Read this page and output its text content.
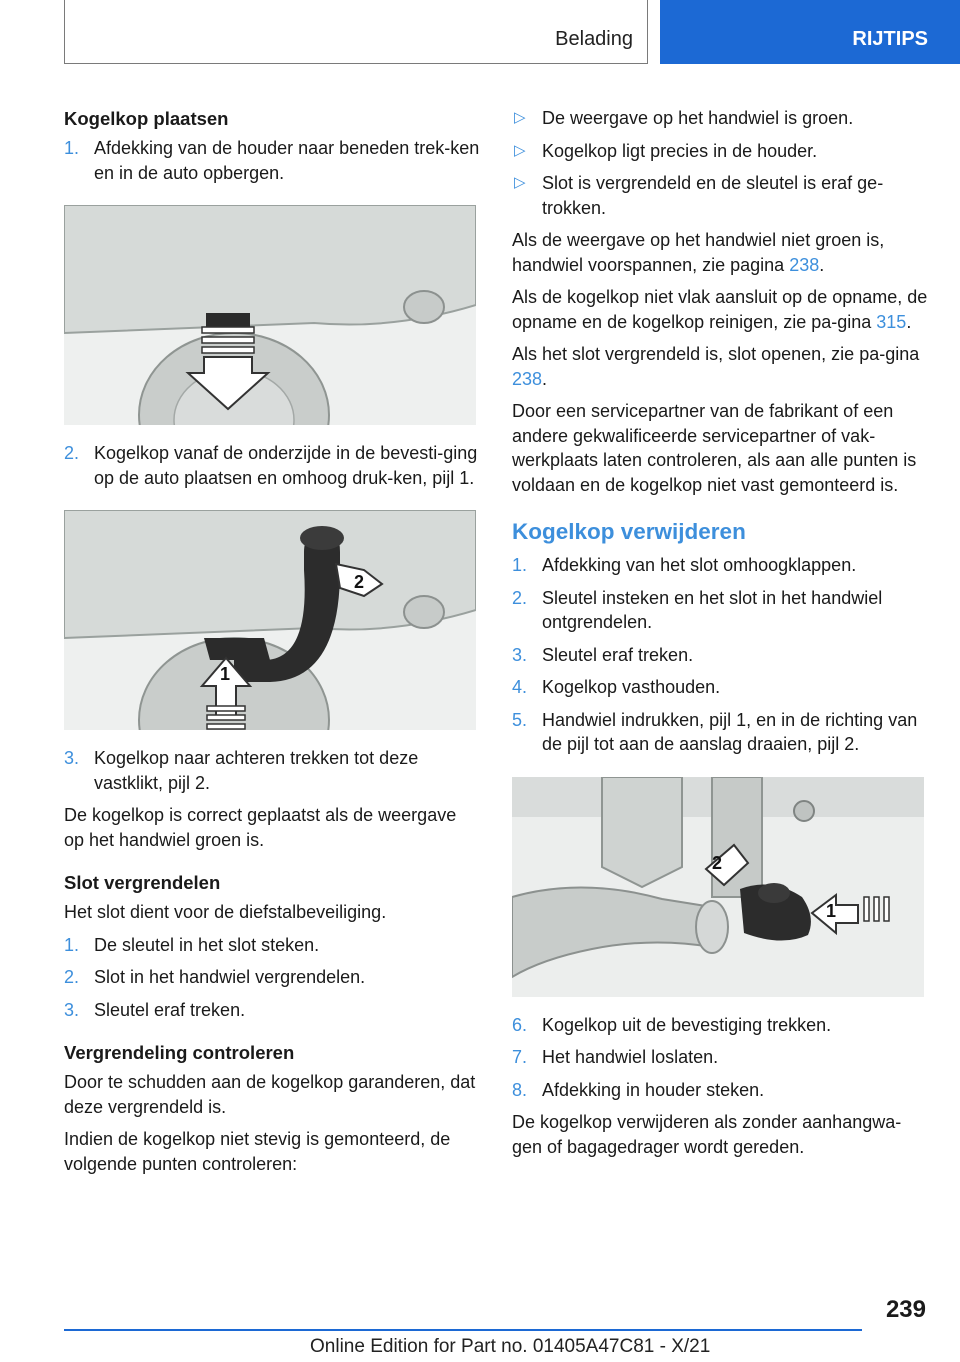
Belading	RIJTIPS
Kogelkop plaatsen
1. Afdekking van de houder naar beneden trek‐ken en in de auto opbergen.
2. Kogelkop vanaf de onderzijde in de bevesti‐ging op de auto plaatsen en omhoog druk‐ken, pijl 1.
2
1
3. Kogelkop naar achteren trekken tot deze vastklikt, pijl 2.

De kogelkop is correct geplaatst als de weergave op het handwiel groen is.

Slot vergrendelen

Het slot dient voor de diefstalbeveiliging.

1. De sleutel in het slot steken.
2. Slot in het handwiel vergrendelen.
3. Sleutel eraf treken.
Vergrendeling controleren

Door te schudden aan de kogelkop garanderen, dat deze vergrendeld is.

Indien de kogelkop niet stevig is gemonteerd, de volgende punten controleren:

▷ De weergave op het handwiel is groen.
▷ Kogelkop ligt precies in de houder.
▷ Slot is vergrendeld en de sleutel is eraf ge‐trokken.

Als de weergave op het handwiel niet groen is, handwiel voorspannen, zie pagina 238.

Als de kogelkop niet vlak aansluit op de opname, de opname en de kogelkop reinigen, zie pa‐gina 315.

Als het slot vergrendeld is, slot openen, zie pa‐gina 238.

Door een servicepartner van de fabrikant of een andere gekwalificeerde servicepartner of vak‐werkplaats laten controleren, als aan alle punten is voldaan en de kogelkop niet vast gemonteerd is.

Kogelkop verwijderen
1. Afdekking van het slot omhoogklappen.
2. Sleutel insteken en het slot in het handwiel ontgrendelen.
3. Sleutel eraf treken.
4. Kogelkop vasthouden.
5. Handwiel indrukken, pijl 1, en in de richting van de pijl tot aan de aanslag draaien, pijl 2.
2
1
6. Kogelkop uit de bevestiging trekken.
7. Het handwiel loslaten.
8. Afdekking in houder steken.

De kogelkop verwijderen als zonder aanhangwa‐gen of bagagedrager wordt gereden.

239
Online Edition for Part no. 01405A47C81 - X/21
